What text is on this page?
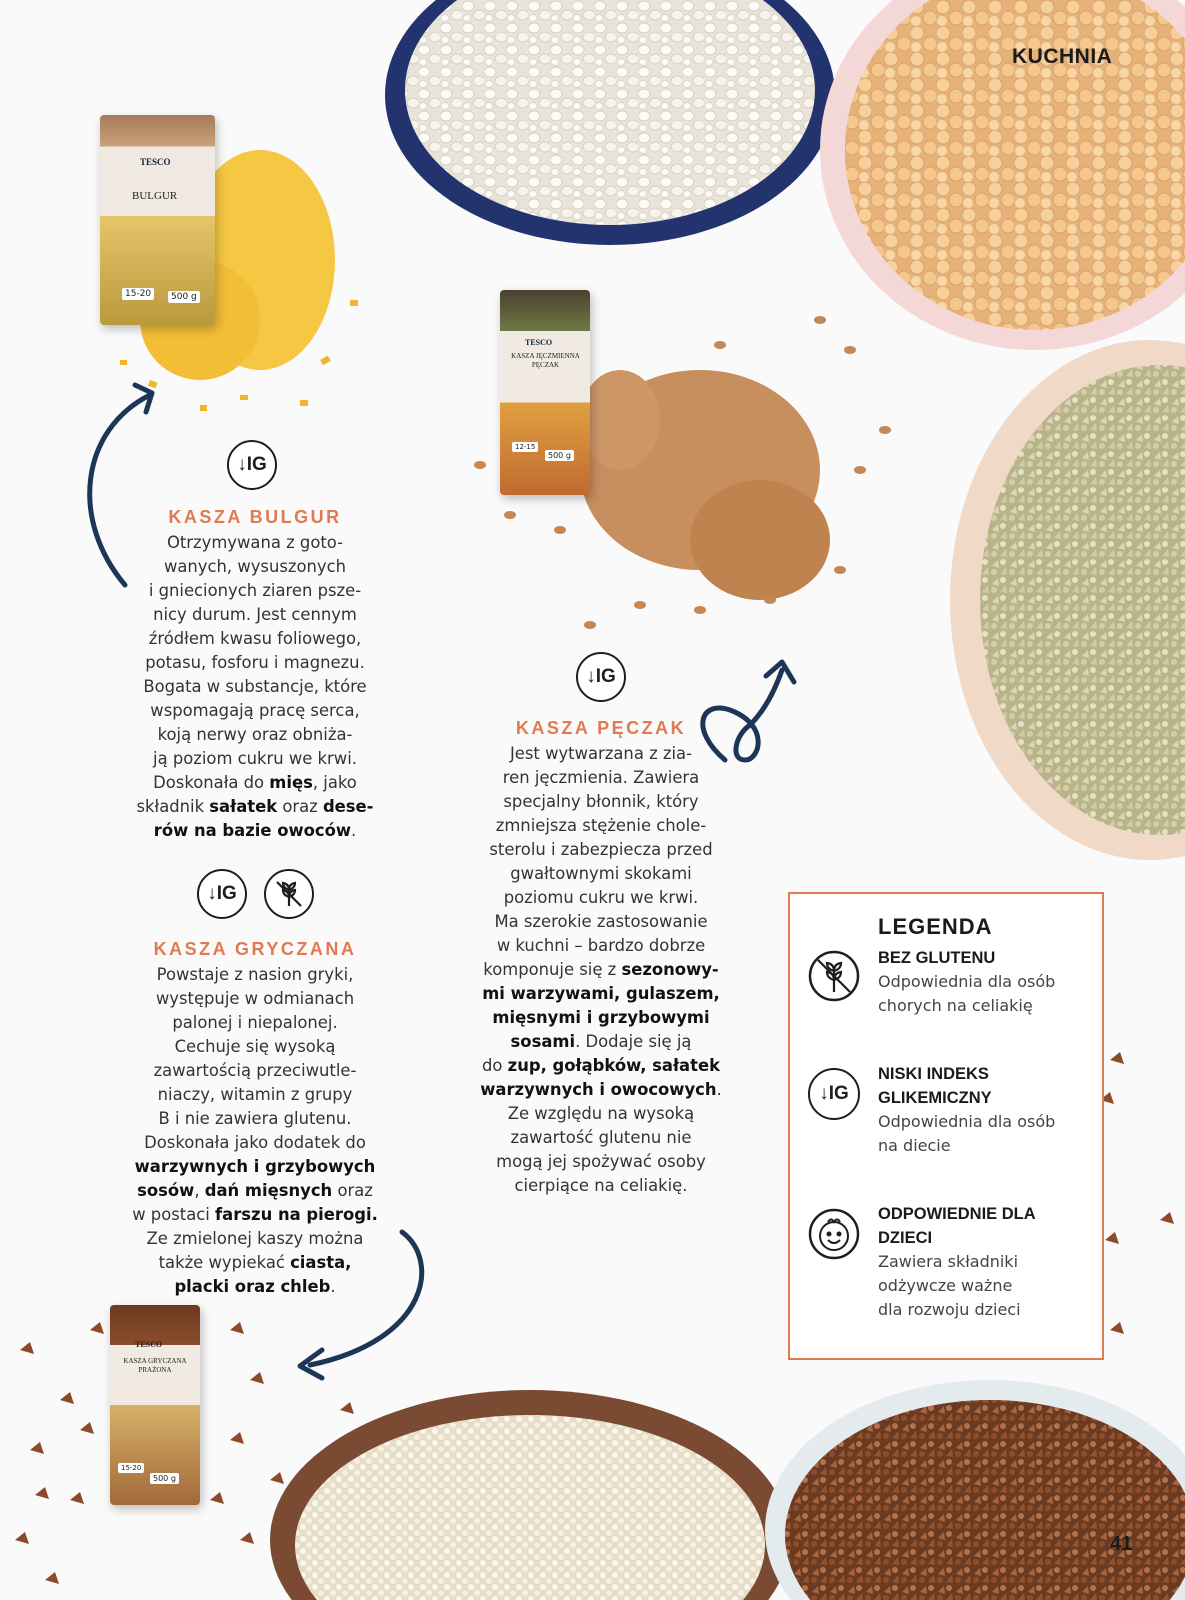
KUCHNIA
41
TESCO
BULGUR
15-20	500 g
TESCO
KASZA JĘCZMIENNA PĘCZAK
12-15
500 g
TESCO
KASZA GRYCZANA PRAŻONA
15-20
500 g
↓ IG
↓ IG
↓ IG

KASZA BULGUR

Otrzymywana z goto-

wanych, wysuszonych

i gniecionych ziaren psze-

nicy durum. Jest cennym

źródłem kwasu foliowego,

potasu, fosforu i magnezu.

Bogata w substancje, które

wspomagają pracę serca,

koją nerwy oraz obniża-

ją poziom cukru we krwi.

Doskonała do mięs, jako

składnik sałatek oraz dese-

rów na bazie owoców.

KASZA PĘCZAK

Jest wytwarzana z zia-

ren jęczmienia. Zawiera

specjalny błonnik, który

zmniejsza stężenie chole-

sterolu i zabezpiecza przed

gwałtownymi skokami

poziomu cukru we krwi.

Ma szerokie zastosowanie

w kuchni – bardzo dobrze

komponuje się z sezonowy-

mi warzywami, gulaszem,

mięsnymi i grzybowymi

sosami. Dodaje się ją

do zup, gołąbków, sałatek

warzywnych i owocowych.

Ze względu na wysoką

zawartość glutenu nie

mogą jej spożywać osoby

cierpiące na celiakię.

KASZA GRYCZANA

Powstaje z nasion gryki,

występuje w odmianach

palonej i niepalonej.

Cechuje się wysoką

zawartością przeciwutle-

niaczy, witamin z grupy

B i nie zawiera glutenu.

Doskonała jako dodatek do

warzywnych i grzybowych

sosów, dań mięsnych oraz

w postaci farszu na pierogi.

Ze zmielonej kaszy można

także wypiekać ciasta,

placki oraz chleb.

LEGENDA
BEZ GLUTENU
Odpowiednia dla osób
chorych na celiakię
↓ IG
NISKI INDEKS
GLIKEMICZNY
Odpowiednia dla osób
na diecie
ODPOWIEDNIE DLA
DZIECI
Zawiera składniki
odżywcze ważne
dla rozwoju dzieci
